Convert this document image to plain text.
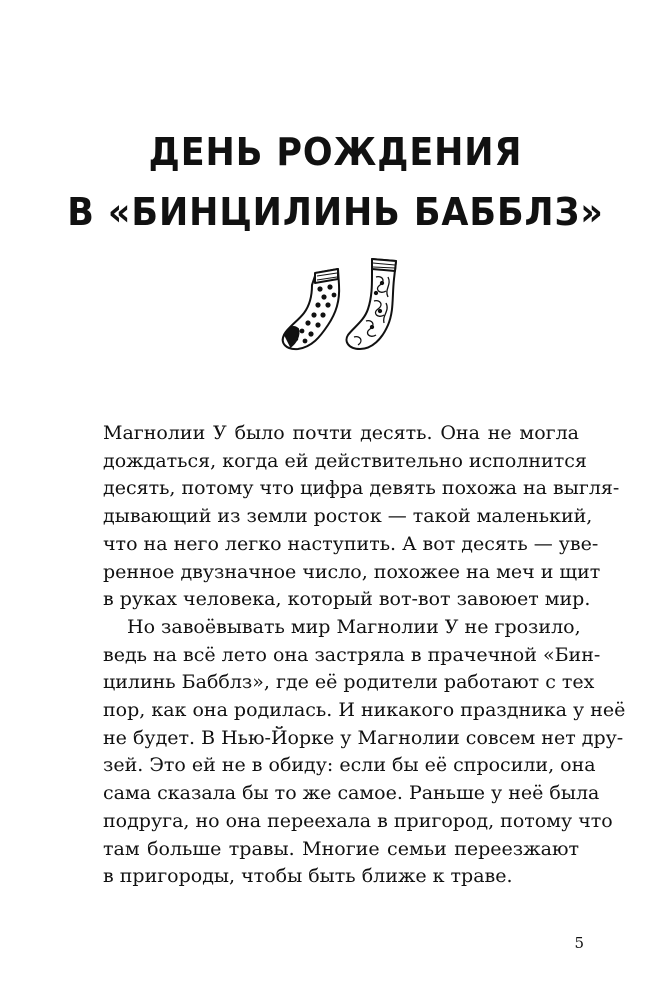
ДЕНЬ РОЖДЕНИЯ
В «БИНЦИЛИНЬ БАББЛЗ»
Магнолии У было почти десять. Она не могла
дождаться, когда ей действительно исполнится
десять, потому что цифра девять похожа на выгля-
дывающий из земли росток — такой маленький,
что на него легко наступить. А вот десять — уве-
ренное двузначное число, похожее на меч и щит
в руках человека, который вот-вот завоюет мир.
Но завоёвывать мир Магнолии У не грозило,
ведь на всё лето она застряла в прачечной «Бин-
цилинь Бабблз», где её родители работают с тех
пор, как она родилась. И никакого праздника у неё
не будет. В Нью-Йорке у Магнолии совсем нет дру-
зей. Это ей не в обиду: если бы её спросили, она
сама сказала бы то же самое. Раньше у неё была
подруга, но она переехала в пригород, потому что
там больше травы. Многие семьи переезжают
в пригороды, чтобы быть ближе к траве.
5
